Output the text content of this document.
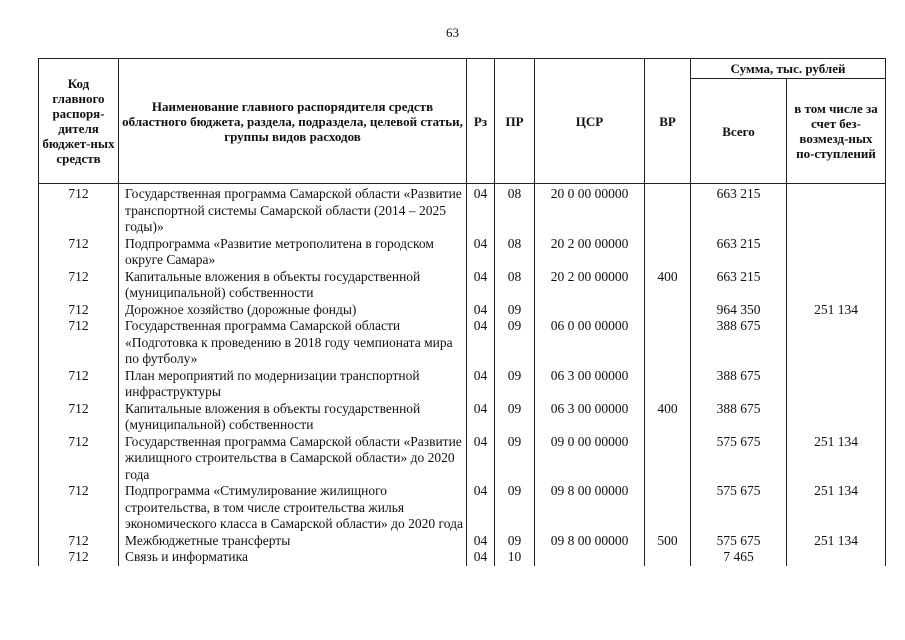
63
Код главного распоря-дителя бюджет-ных средств	Наименование главного распорядителя средств областного бюджета, раздела, подраздела, целевой статьи, группы видов расходов	Рз	ПР	ЦСР	ВР	Сумма, тыс. рублей	
						Всего	в том числе за счет без-возмезд-ных по-ступлений
712	Государственная программа Самарской области «Развитие транспортной системы Самарской области (2014 – 2025 годы)»	04	08	20 0 00 00000		663 215	
712	Подпрограмма «Развитие метрополитена в городском округе Самара»	04	08	20 2 00 00000		663 215	
712	Капитальные вложения в объекты государственной (муниципальной) собственности	04	08	20 2 00 00000	400	663 215	
712	Дорожное хозяйство (дорожные фонды)	04	09			964 350	251 134
712	Государственная программа Самарской области «Подготовка к проведению в 2018 году чемпионата мира по футболу»	04	09	06 0 00 00000		388 675	
712	План мероприятий по модернизации транспортной инфраструктуры	04	09	06 3 00 00000		388 675	
712	Капитальные вложения в объекты государственной (муниципальной) собственности	04	09	06 3 00 00000	400	388 675	
712	Государственная программа Самарской области «Развитие жилищного строительства в Самарской области» до 2020 года	04	09	09 0 00 00000		575 675	251 134
712	Подпрограмма «Стимулирование жилищного строительства, в том числе строительства жилья экономического класса в Самарской области» до 2020 года	04	09	09 8 00 00000		575 675	251 134
712	Межбюджетные трансферты	04	09	09 8 00 00000	500	575 675	251 134
712	Связь и информатика	04	10			7 465	
